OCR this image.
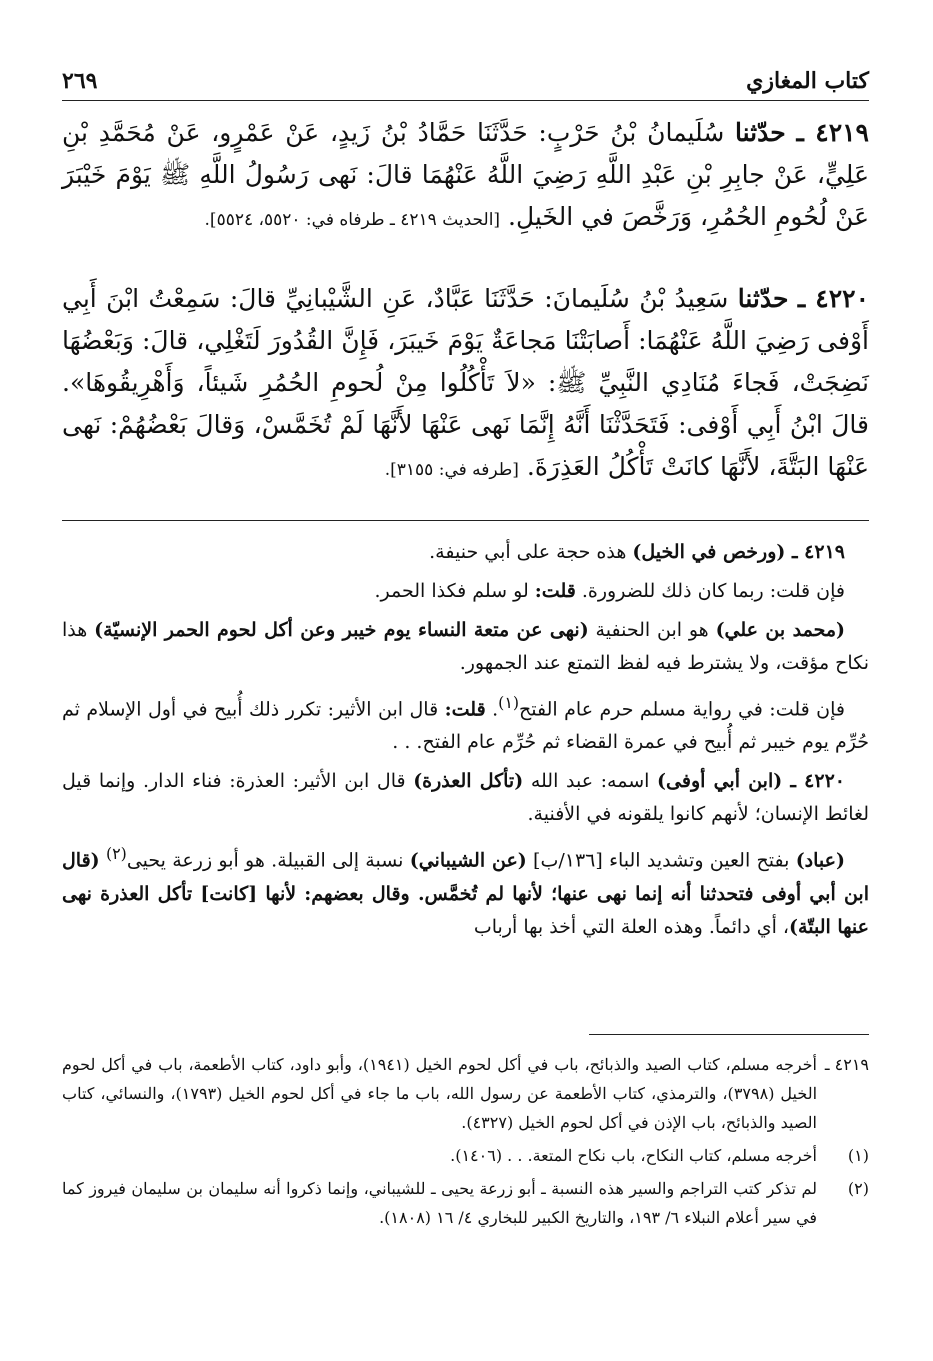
كتاب المغازي
٢٦٩
٤٢١٩ ـ حدّثنا سُلَيمانُ بْنُ حَرْبٍ: حَدَّثَنَا حَمَّادُ بْنُ زَيدٍ، عَنْ عَمْرٍو، عَنْ مُحَمَّدِ بْنِ عَلِيٍّ، عَنْ جابِرِ بْنِ عَبْدِ اللَّهِ رَضِيَ اللَّهُ عَنْهُمَا قالَ: نَهى رَسُولُ اللَّهِ ﷺ يَوْمَ خَيْبَرَ عَنْ لُحُومِ الحُمُرِ، وَرَخَّصَ في الخَيلِ. [الحديث ٤٢١٩ ـ طرفاه في: ٥٥٢٠، ٥٥٢٤].
٤٢٢٠ ـ حدّثنا سَعِيدُ بْنُ سُلَيمانَ: حَدَّثَنَا عَبَّادٌ، عَنِ الشَّيْبانِيِّ قالَ: سَمِعْتُ ابْنَ أَبِي أَوْفى رَضِيَ اللَّهُ عَنْهُمَا: أَصابَتْنَا مَجاعَةٌ يَوْمَ خَيبَرَ، فَإِنَّ القُدُورَ لَتَغْلِي، قالَ: وَبَعْضُهَا نَضِجَتْ، فَجاءَ مُنَادِي النَّبِيِّ ﷺ: «لاَ تَأْكُلُوا مِنْ لُحومِ الحُمُرِ شَيئاً، وَأَهْرِيقُوهَا». قالَ ابْنُ أَبِي أَوْفى: فَتَحَدَّثْنَا أَنَّهُ إِنَّمَا نَهى عَنْهَا لأَنَّهَا لَمْ تُخَمَّسْ، وَقالَ بَعْضُهُمْ: نَهى عَنْهَا البَتَّةَ، لأَنَّهَا كانَتْ تَأْكُلُ العَذِرَةَ. [طرفه في: ٣١٥٥].

٤٢١٩ ـ (ورخص في الخيل) هذه حجة على أبي حنيفة.

فإن قلت: ربما كان ذلك للضرورة. قلت: لو سلم فكذا الحمر.

(محمد بن علي) هو ابن الحنفية (نهى عن متعة النساء يوم خيبر وعن أكل لحوم الحمر الإنسيّة) هذا نكاح مؤقت، ولا يشترط فيه لفظ التمتع عند الجمهور.

فإن قلت: في رواية مسلم حرم عام الفتح$^{(١)}$. قلت: قال ابن الأثير: تكرر ذلك أُبيح في أول الإسلام ثم حُرِّم يوم خيبر ثم أُبيح في عمرة القضاء ثم حُرِّم عام الفتح. . .

٤٢٢٠ ـ (ابن أبي أوفى) اسمه: عبد الله (تأكل العذرة) قال ابن الأثير: العذرة: فناء الدار. وإنما قيل لغائط الإنسان؛ لأنهم كانوا يلقونه في الأفنية.

(عباد) بفتح العين وتشديد الباء [١٣٦/ب] (عن الشيباني) نسبة إلى القبيلة. هو أبو زرعة يحيى$^{(٢)}$ (قال ابن أبي أوفى فتحدثنا أنه إنما نهى عنها؛ لأنها لم تُخمَّس. وقال بعضهم: لأنها [كانت] تأكل العذرة نهى عنها البتّة)، أي دائماً. وهذه العلة التي أخذ بها أرباب

٤٢١٩ ـ
أخرجه مسلم، كتاب الصيد والذبائح، باب في أكل لحوم الخيل (١٩٤١)، وأبو داود، كتاب الأطعمة، باب في أكل لحوم الخيل (٣٧٩٨)، والترمذي، كتاب الأطعمة عن رسول الله، باب ما جاء في أكل لحوم الخيل (١٧٩٣)، والنسائي، كتاب الصيد والذبائح، باب الإذن في أكل لحوم الخيل (٤٣٢٧).
(١)
أخرجه مسلم، كتاب النكاح، باب نكاح المتعة. . . (١٤٠٦).
(٢)
لم تذكر كتب التراجم والسير هذه النسبة ـ أبو زرعة يحيى ـ للشيباني، وإنما ذكروا أنه سليمان بن سليمان فيروز كما في سير أعلام النبلاء ٦/ ١٩٣، والتاريخ الكبير للبخاري ٤/ ١٦ (١٨٠٨).
